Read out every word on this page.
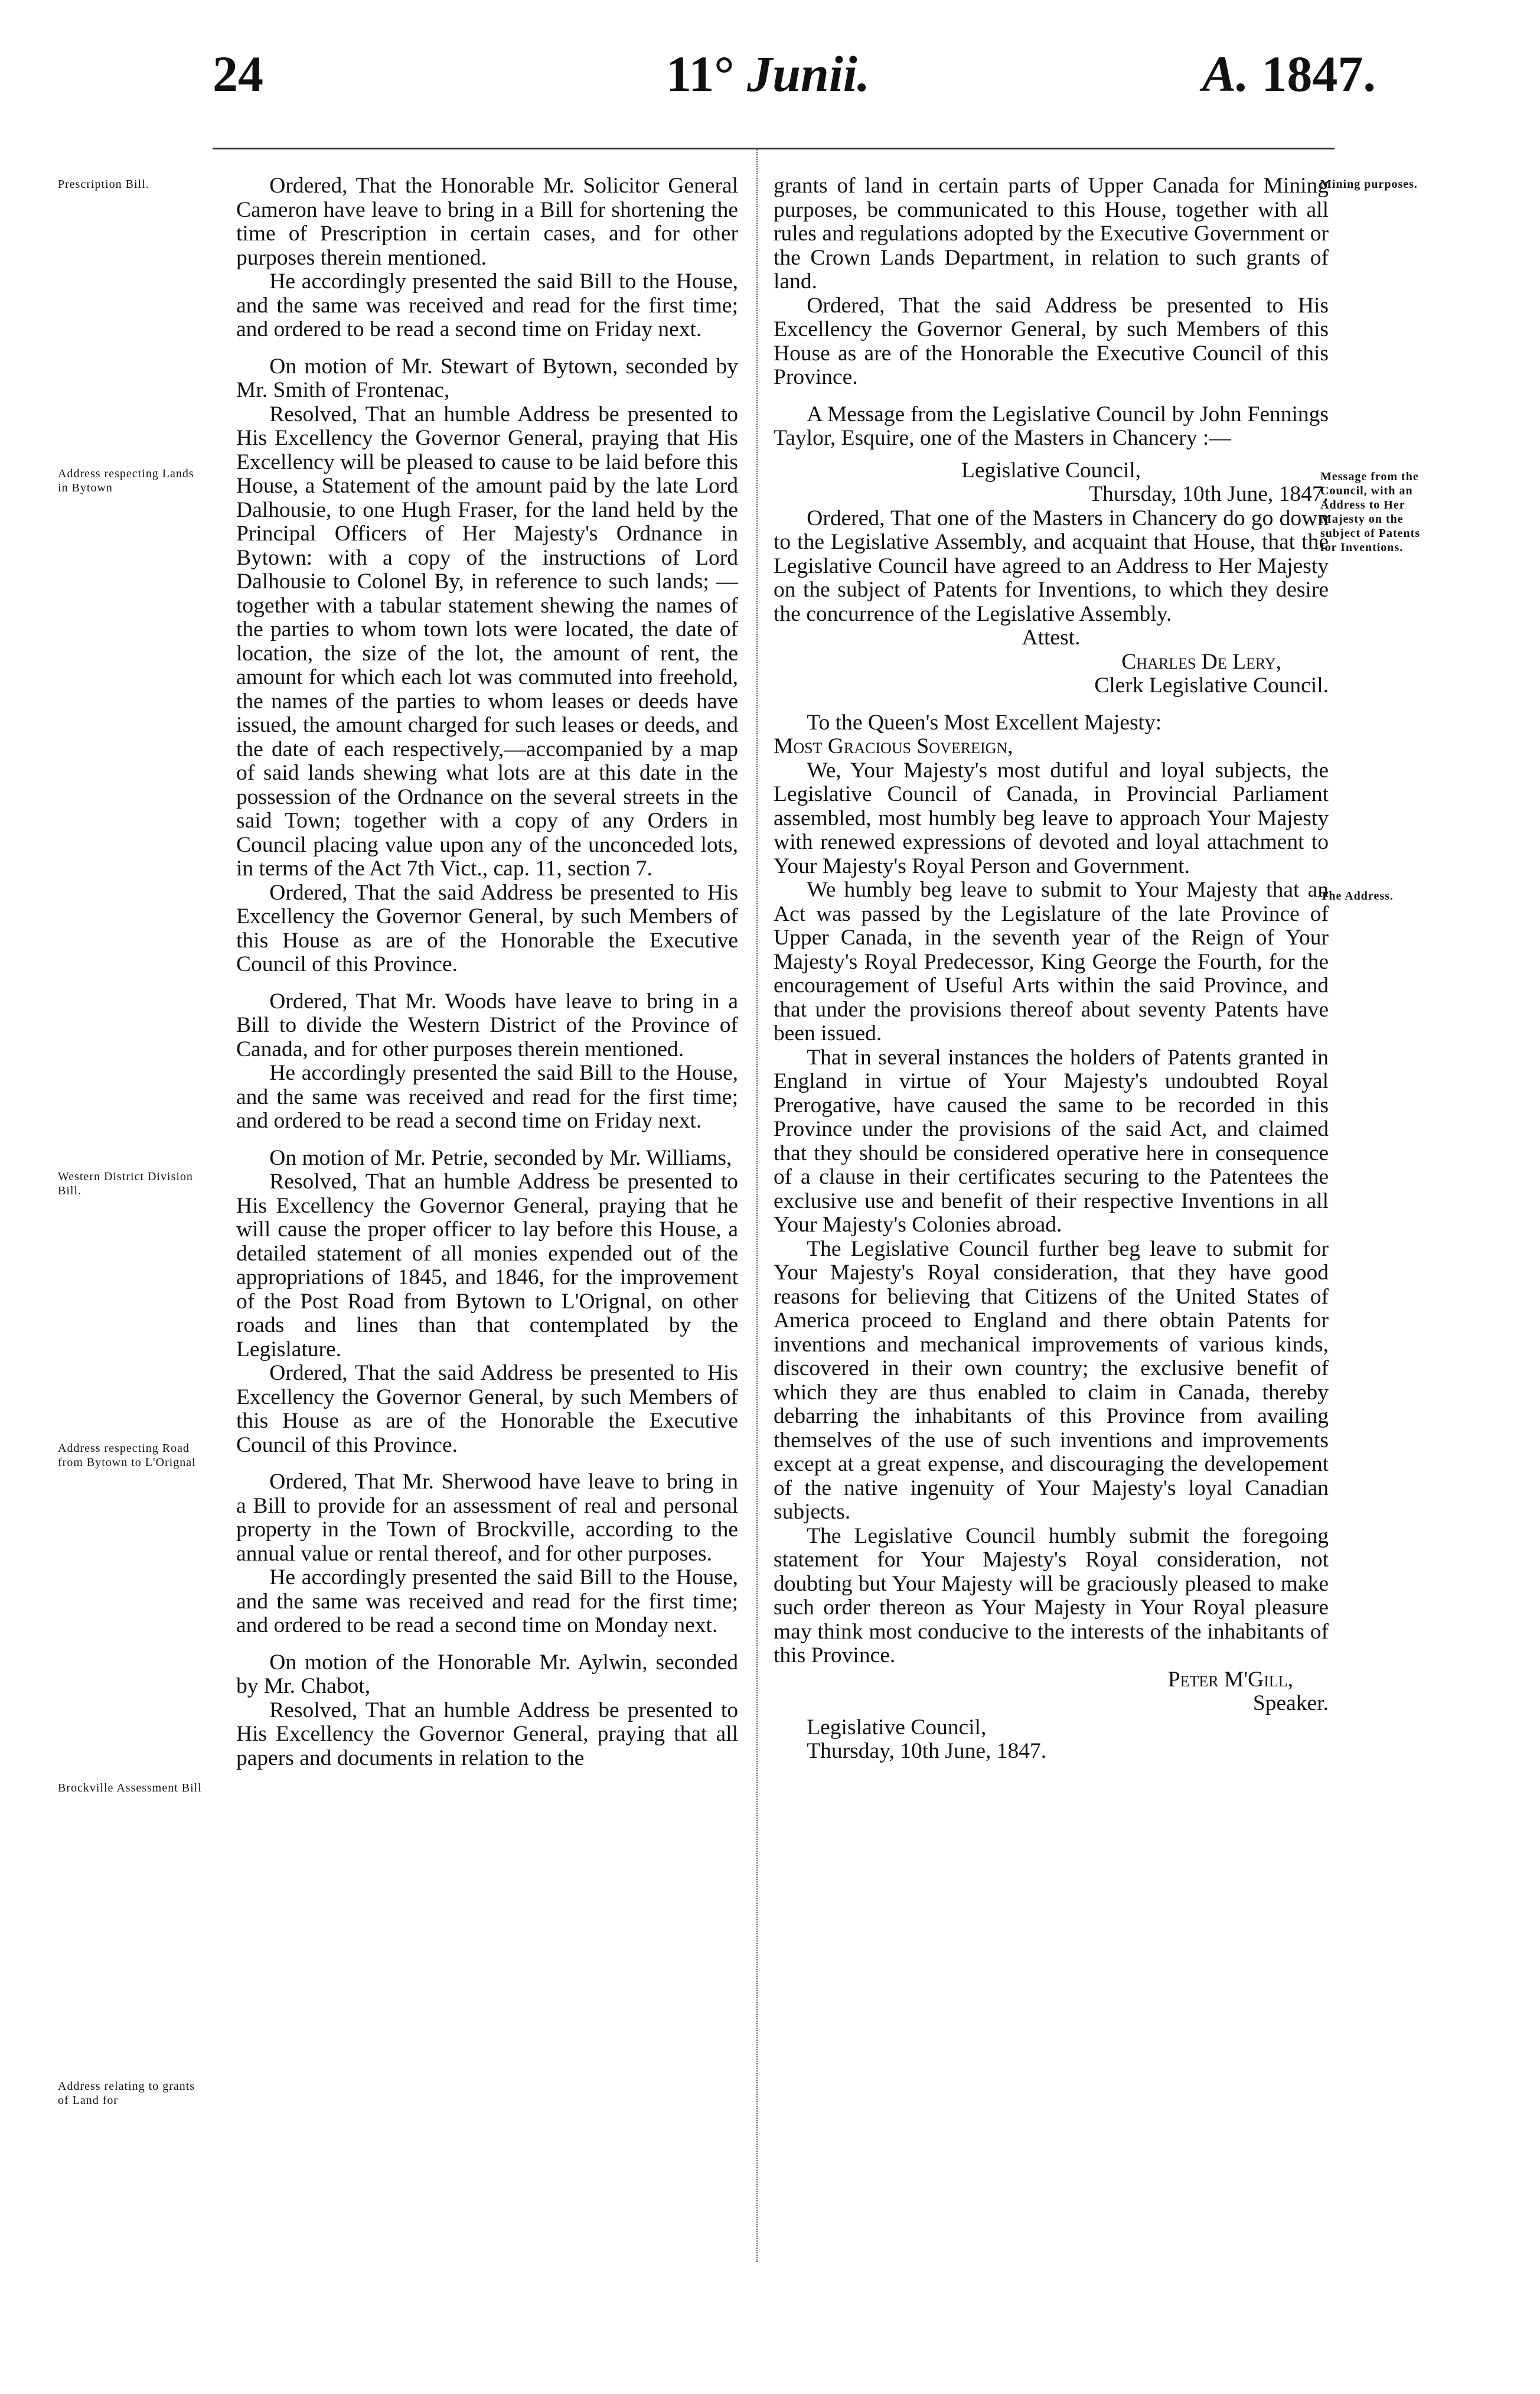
24	11° Junii.	A. 1847.
Prescription Bill.
Address respecting Lands in Bytown
Western District Division Bill.
Address respecting Road from Bytown to L'Orignal
Brockville Assessment Bill
Address relating to grants of Land for
Mining purposes.
Message from the Council, with an Address to Her Majesty on the subject of Patents for Inventions.
The Address.

Ordered, That the Honorable Mr. Solicitor General Cameron have leave to bring in a Bill for shortening the time of Prescription in certain cases, and for other purposes therein mentioned.

He accordingly presented the said Bill to the House, and the same was received and read for the first time; and ordered to be read a second time on Friday next.

On motion of Mr. Stewart of Bytown, seconded by Mr. Smith of Frontenac,

Resolved, That an humble Address be presented to His Excellency the Governor General, praying that His Excellency will be pleased to cause to be laid before this House, a Statement of the amount paid by the late Lord Dalhousie, to one Hugh Fraser, for the land held by the Principal Officers of Her Majesty's Ordnance in Bytown: with a copy of the instructions of Lord Dalhousie to Colonel By, in reference to such lands; —together with a tabular statement shewing the names of the parties to whom town lots were located, the date of location, the size of the lot, the amount of rent, the amount for which each lot was commuted into freehold, the names of the parties to whom leases or deeds have issued, the amount charged for such leases or deeds, and the date of each respectively,—accompanied by a map of said lands shewing what lots are at this date in the possession of the Ordnance on the several streets in the said Town; together with a copy of any Orders in Council placing value upon any of the unconceded lots, in terms of the Act 7th Vict., cap. 11, section 7.

Ordered, That the said Address be presented to His Excellency the Governor General, by such Members of this House as are of the Honorable the Executive Council of this Province.

Ordered, That Mr. Woods have leave to bring in a Bill to divide the Western District of the Province of Canada, and for other purposes therein mentioned.

He accordingly presented the said Bill to the House, and the same was received and read for the first time; and ordered to be read a second time on Friday next.

On motion of Mr. Petrie, seconded by Mr. Williams,

Resolved, That an humble Address be presented to His Excellency the Governor General, praying that he will cause the proper officer to lay before this House, a detailed statement of all monies expended out of the appropriations of 1845, and 1846, for the improvement of the Post Road from Bytown to L'Orignal, on other roads and lines than that contemplated by the Legislature.

Ordered, That the said Address be presented to His Excellency the Governor General, by such Members of this House as are of the Honorable the Executive Council of this Province.

Ordered, That Mr. Sherwood have leave to bring in a Bill to provide for an assessment of real and personal property in the Town of Brockville, according to the annual value or rental thereof, and for other purposes.

He accordingly presented the said Bill to the House, and the same was received and read for the first time; and ordered to be read a second time on Monday next.

On motion of the Honorable Mr. Aylwin, seconded by Mr. Chabot,

Resolved, That an humble Address be presented to His Excellency the Governor General, praying that all papers and documents in relation to the

grants of land in certain parts of Upper Canada for Mining purposes, be communicated to this House, together with all rules and regulations adopted by the Executive Government or the Crown Lands Department, in relation to such grants of land.

Ordered, That the said Address be presented to His Excellency the Governor General, by such Members of this House as are of the Honorable the Executive Council of this Province.

A Message from the Legislative Council by John Fennings Taylor, Esquire, one of the Masters in Chancery :—

Legislative Council,

Thursday, 10th June, 1847.

Ordered, That one of the Masters in Chancery do go down to the Legislative Assembly, and acquaint that House, that the Legislative Council have agreed to an Address to Her Majesty on the subject of Patents for Inventions, to which they desire the concurrence of the Legislative Assembly.

Attest.

Charles De Lery,

Clerk Legislative Council.

To the Queen's Most Excellent Majesty:

Most Gracious Sovereign,

We, Your Majesty's most dutiful and loyal subjects, the Legislative Council of Canada, in Provincial Parliament assembled, most humbly beg leave to approach Your Majesty with renewed expressions of devoted and loyal attachment to Your Majesty's Royal Person and Government.

We humbly beg leave to submit to Your Majesty that an Act was passed by the Legislature of the late Province of Upper Canada, in the seventh year of the Reign of Your Majesty's Royal Predecessor, King George the Fourth, for the encouragement of Useful Arts within the said Province, and that under the provisions thereof about seventy Patents have been issued.

That in several instances the holders of Patents granted in England in virtue of Your Majesty's undoubted Royal Prerogative, have caused the same to be recorded in this Province under the provisions of the said Act, and claimed that they should be considered operative here in consequence of a clause in their certificates securing to the Patentees the exclusive use and benefit of their respective Inventions in all Your Majesty's Colonies abroad.

The Legislative Council further beg leave to submit for Your Majesty's Royal consideration, that they have good reasons for believing that Citizens of the United States of America proceed to England and there obtain Patents for inventions and mechanical improvements of various kinds, discovered in their own country; the exclusive benefit of which they are thus enabled to claim in Canada, thereby debarring the inhabitants of this Province from availing themselves of the use of such inventions and improvements except at a great expense, and discouraging the developement of the native ingenuity of Your Majesty's loyal Canadian subjects.

The Legislative Council humbly submit the foregoing statement for Your Majesty's Royal consideration, not doubting but Your Majesty will be graciously pleased to make such order thereon as Your Majesty in Your Royal pleasure may think most conducive to the interests of the inhabitants of this Province.

Peter M'Gill,

Speaker.

Legislative Council,

Thursday, 10th June, 1847.
